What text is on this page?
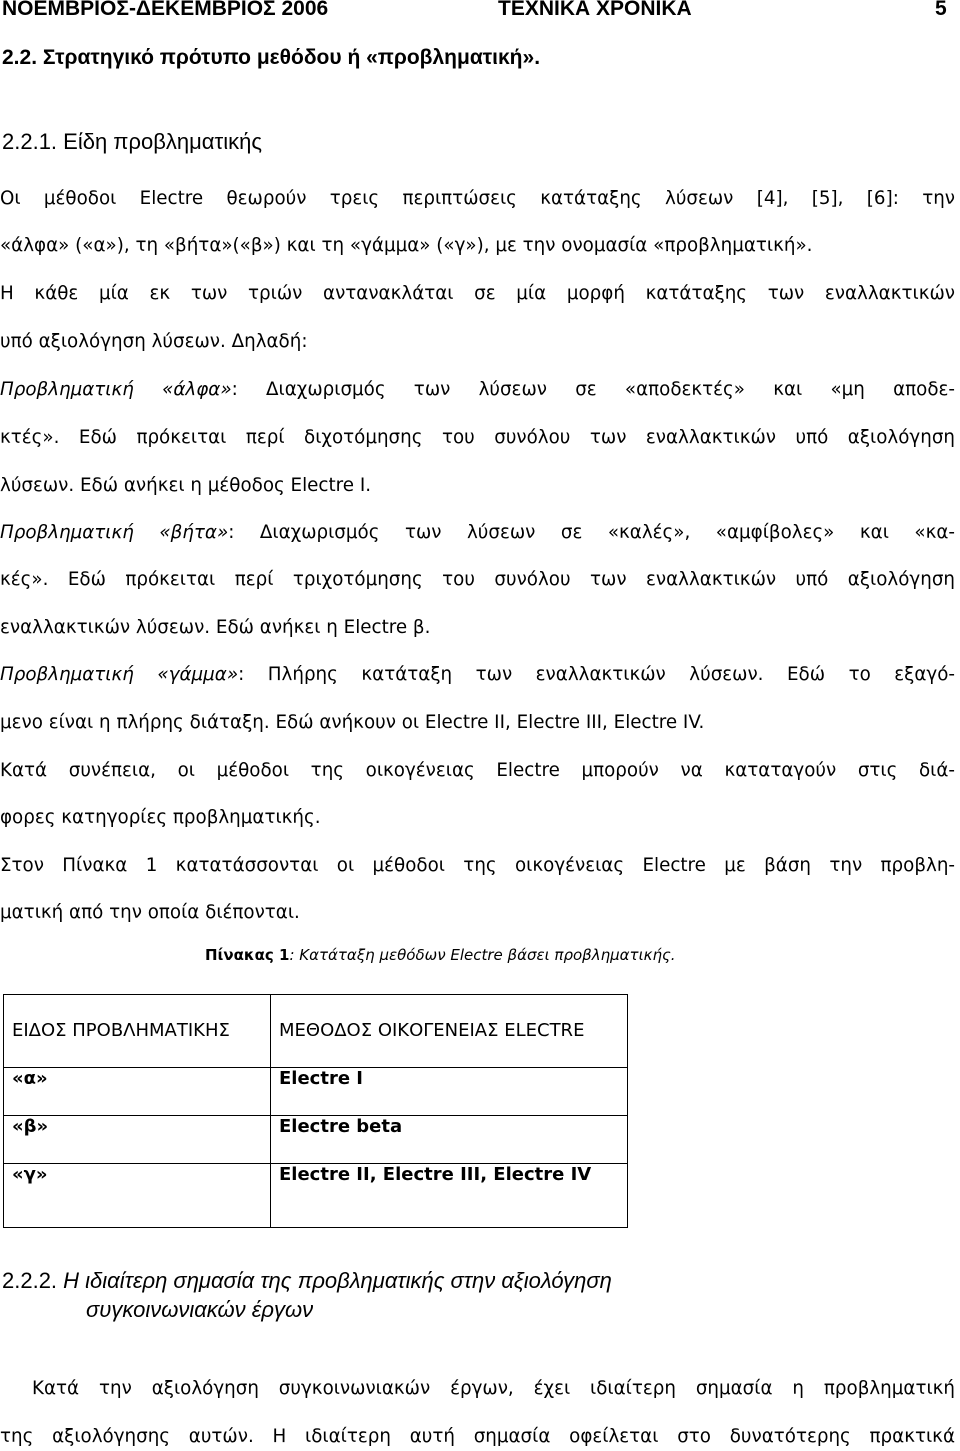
ΝΟΕΜΒΡΙΟΣ-ΔΕΚΕΜΒΡΙΟΣ 2006	ΤΕΧΝΙΚΑ ΧΡΟΝΙΚΑ	5
2.2. Στρατηγικό πρότυπο μεθόδου ή «προβληματική».
2.2.1. Είδη προβληματικής
Οι μέθοδοι Electre θεωρούν τρεις περιπτώσεις κατάταξης λύσεων [4], [5], [6]: την
«άλφα» («α»), τη «βήτα»(«β») και τη «γάμμα» («γ»), με την ονομασία «προβληματική».
Η κάθε μία εκ των τριών αντανακλάται σε μία μορφή κατάταξης των εναλλακτικών
υπό αξιολόγηση λύσεων. Δηλαδή:
Προβληματική «άλφα»: Διαχωρισμός των λύσεων σε «αποδεκτές» και «μη αποδε-
κτές». Εδώ πρόκειται περί διχοτόμησης του συνόλου των εναλλακτικών υπό αξιολόγηση
λύσεων. Εδώ ανήκει η μέθοδος Electre I.
Προβληματική «βήτα»: Διαχωρισμός των λύσεων σε «καλές», «αμφίβολες» και «κα-
κές». Εδώ πρόκειται περί τριχοτόμησης του συνόλου των εναλλακτικών υπό αξιολόγηση
εναλλακτικών λύσεων. Εδώ ανήκει η Electre β.
Προβληματική «γάμμα»: Πλήρης κατάταξη των εναλλακτικών λύσεων. Εδώ το εξαγό-
μενο είναι η πλήρης διάταξη. Εδώ ανήκουν οι Electre II, Electre III, Electre IV.
Κατά συνέπεια, οι μέθοδοι της οικογένειας Electre μπορούν να καταταγούν στις διά-
φορες κατηγορίες προβληματικής.
Στον Πίνακα 1 κατατάσσονται οι μέθοδοι της οικογένειας Electre με βάση την προβλη-
ματική από την οποία διέπονται.
Πίνακας 1: Κατάταξη μεθόδων Electre βάσει προβληματικής.
ΕΙΔΟΣ ΠΡΟΒΛΗΜΑΤΙΚΗΣ	ΜΕΘΟΔΟΣ ΟΙΚΟΓΕΝΕΙΑΣ ELECTRE
«α»	Electre I
«β»	Electre beta
«γ»	Electre II, Electre III, Electre IV
2.2.2. Η ιδιαίτερη σημασία της προβληματικής στην αξιολόγηση
συγκοινωνιακών έργων
Κατά την αξιολόγηση συγκοινωνιακών έργων, έχει ιδιαίτερη σημασία η προβληματική
της αξιολόγησης αυτών. Η ιδιαίτερη αυτή σημασία οφείλεται στο δυνατότερης πρακτικά
